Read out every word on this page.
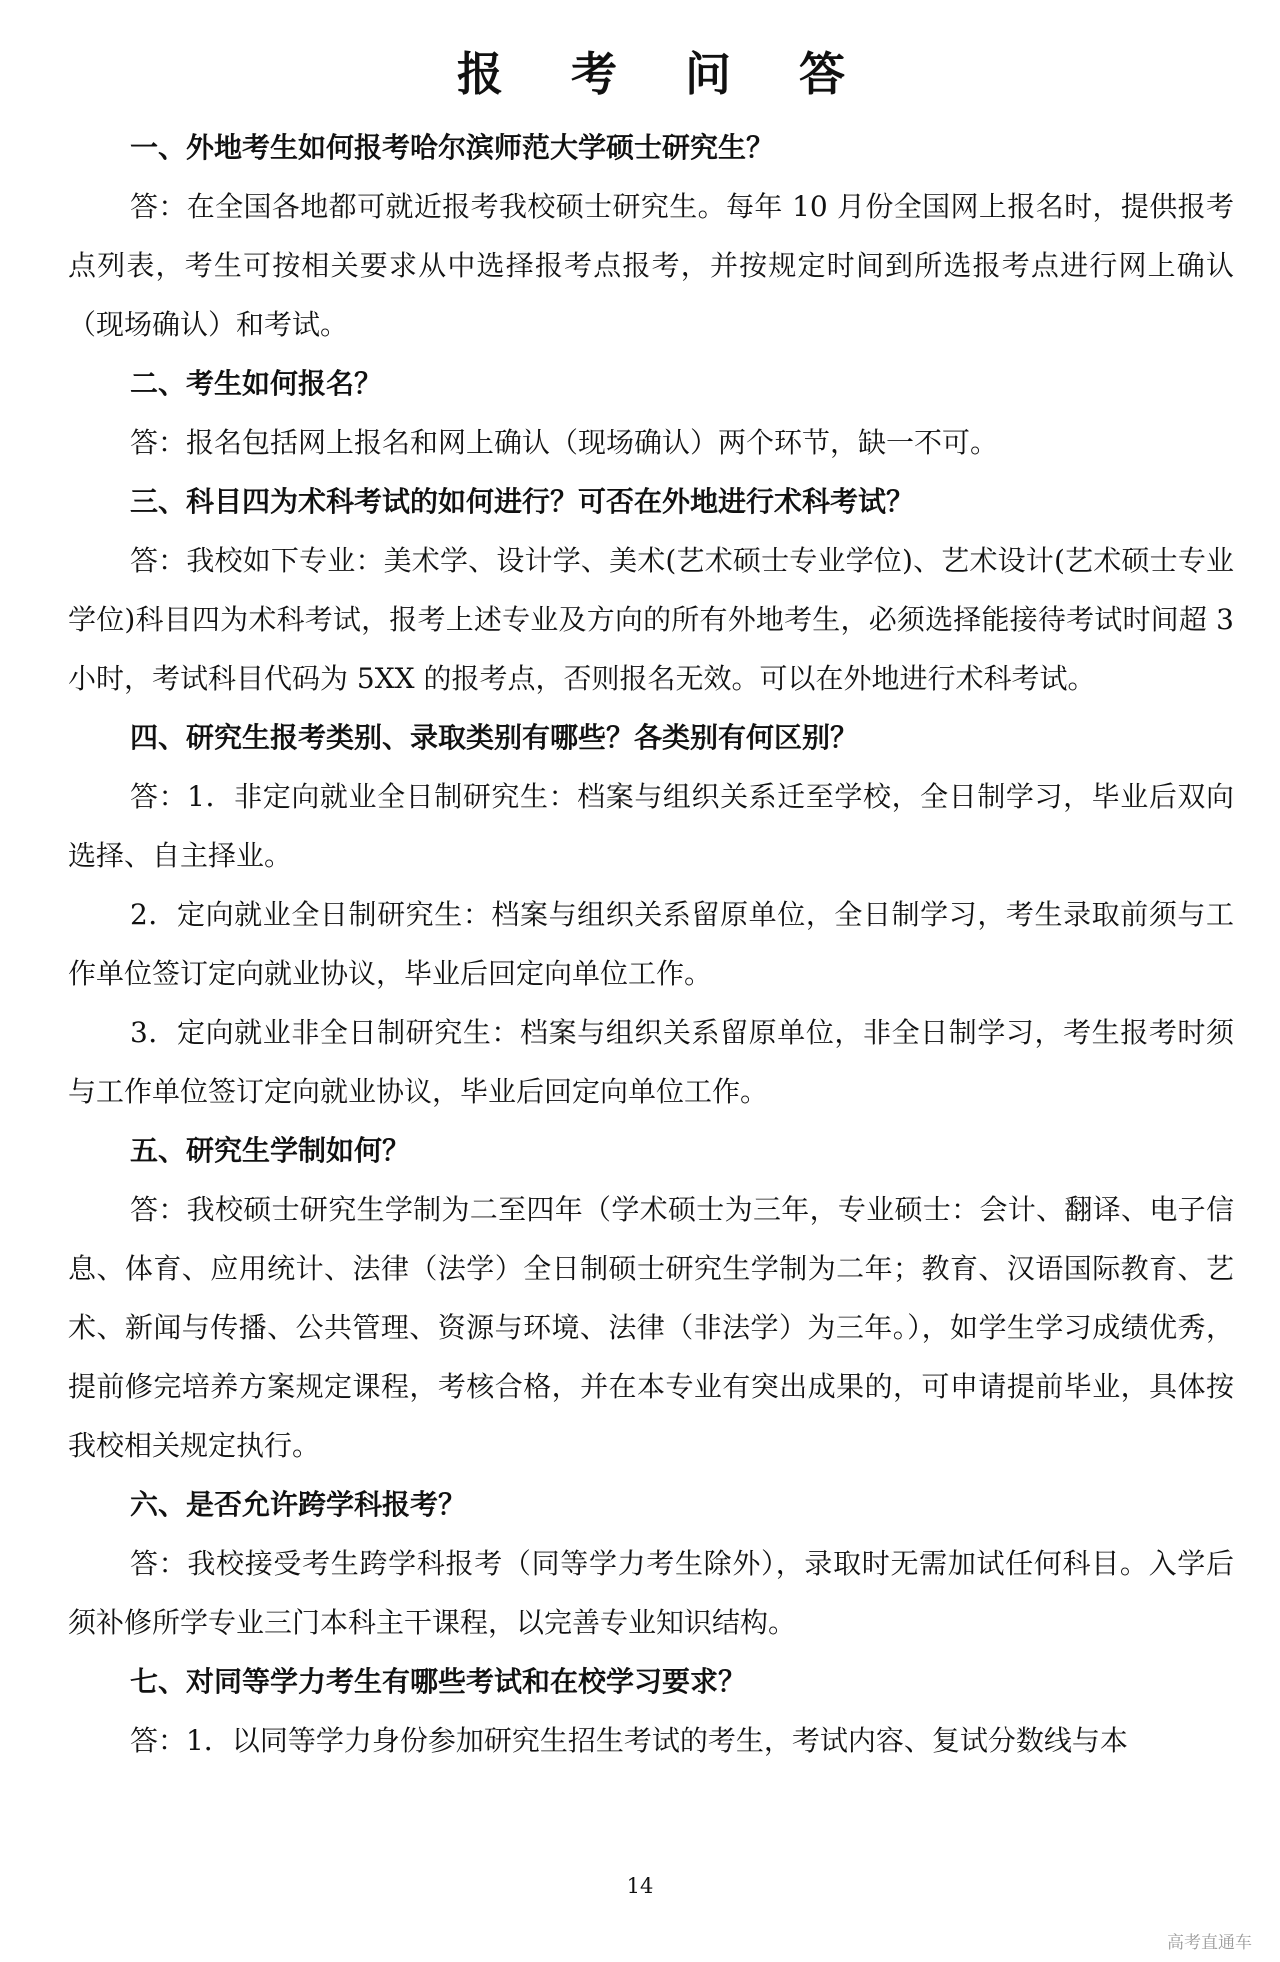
报 考 问 答

一、外地考生如何报考哈尔滨师范大学硕士研究生？

答：在全国各地都可就近报考我校硕士研究生。每年 10 月份全国网上报名时，提供报考点列表，考生可按相关要求从中选择报考点报考，并按规定时间到所选报考点进行网上确认（现场确认）和考试。

二、考生如何报名？

答：报名包括网上报名和网上确认（现场确认）两个环节，缺一不可。

三、科目四为术科考试的如何进行？可否在外地进行术科考试？

答：我校如下专业：美术学、设计学、美术(艺术硕士专业学位)、艺术设计(艺术硕士专业学位)科目四为术科考试，报考上述专业及方向的所有外地考生，必须选择能接待考试时间超 3 小时，考试科目代码为 5XX 的报考点，否则报名无效。可以在外地进行术科考试。

四、研究生报考类别、录取类别有哪些？各类别有何区别？

答：1．非定向就业全日制研究生：档案与组织关系迁至学校，全日制学习，毕业后双向选择、自主择业。

2．定向就业全日制研究生：档案与组织关系留原单位，全日制学习，考生录取前须与工作单位签订定向就业协议，毕业后回定向单位工作。

3．定向就业非全日制研究生：档案与组织关系留原单位，非全日制学习，考生报考时须与工作单位签订定向就业协议，毕业后回定向单位工作。

五、研究生学制如何？

答：我校硕士研究生学制为二至四年（学术硕士为三年，专业硕士：会计、翻译、电子信息、体育、应用统计、法律（法学）全日制硕士研究生学制为二年；教育、汉语国际教育、艺术、新闻与传播、公共管理、资源与环境、法律（非法学）为三年。），如学生学习成绩优秀，提前修完培养方案规定课程，考核合格，并在本专业有突出成果的，可申请提前毕业，具体按我校相关规定执行。

六、是否允许跨学科报考？

答：我校接受考生跨学科报考（同等学力考生除外），录取时无需加试任何科目。入学后须补修所学专业三门本科主干课程，以完善专业知识结构。

七、对同等学力考生有哪些考试和在校学习要求？

答：1．以同等学力身份参加研究生招生考试的考生，考试内容、复试分数线与本

14
高考直通车
